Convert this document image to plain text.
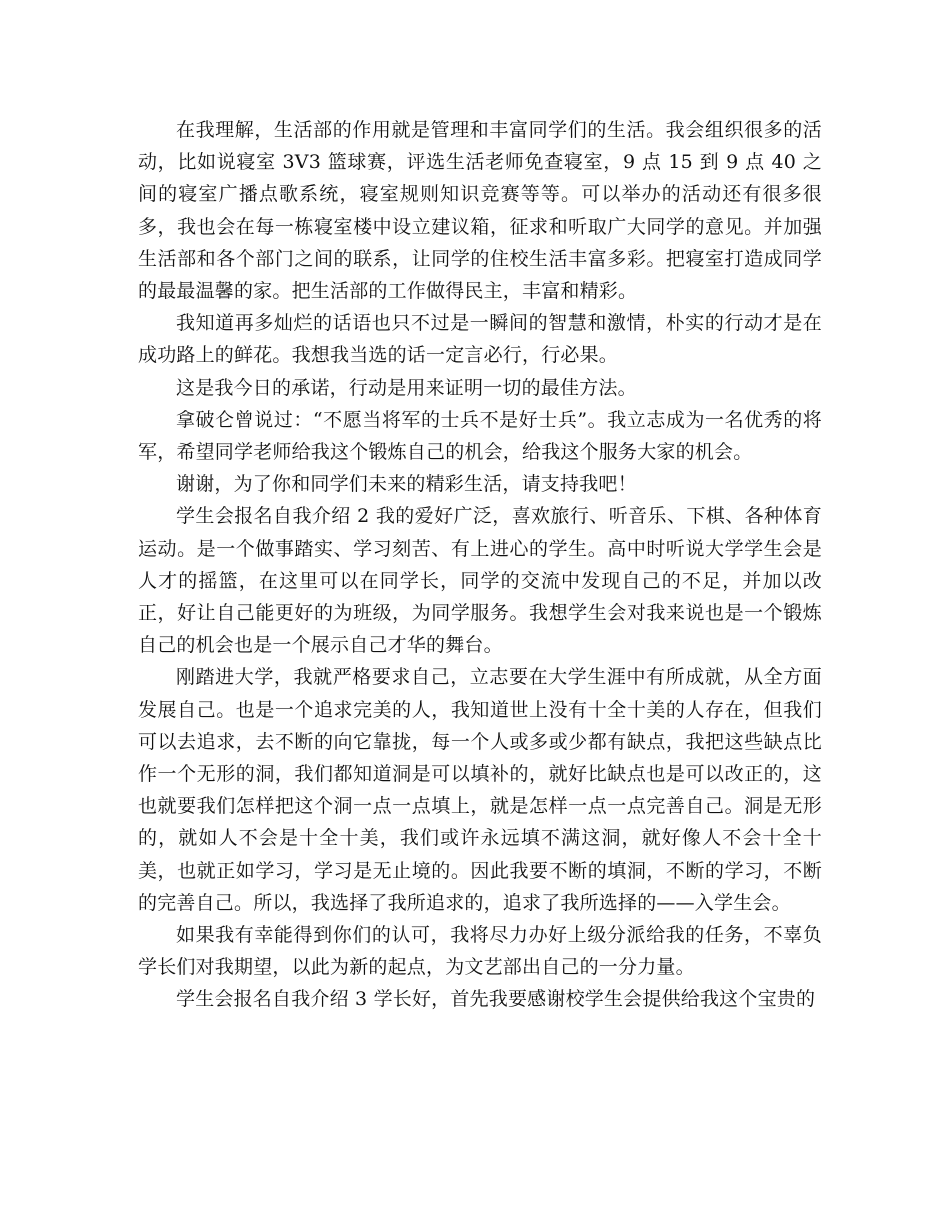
在我理解，生活部的作用就是管理和丰富同学们的生活。我会组织很多的活动，比如说寝室 3V3 篮球赛，评选生活老师免查寝室，9 点 15 到 9 点 40 之间的寝室广播点歌系统，寝室规则知识竞赛等等。可以举办的活动还有很多很多，我也会在每一栋寝室楼中设立建议箱，征求和听取广大同学的意见。并加强生活部和各个部门之间的联系，让同学的住校生活丰富多彩。把寝室打造成同学的最最温馨的家。把生活部的工作做得民主，丰富和精彩。

我知道再多灿烂的话语也只不过是一瞬间的智慧和激情，朴实的行动才是在成功路上的鲜花。我想我当选的话一定言必行，行必果。

这是我今日的承诺，行动是用来证明一切的最佳方法。

拿破仑曾说过：“不愿当将军的士兵不是好士兵”。我立志成为一名优秀的将军，希望同学老师给我这个锻炼自己的机会，给我这个服务大家的机会。

谢谢，为了你和同学们未来的精彩生活，请支持我吧！

学生会报名自我介绍 2 我的爱好广泛，喜欢旅行、听音乐、下棋、各种体育运动。是一个做事踏实、学习刻苦、有上进心的学生。高中时听说大学学生会是人才的摇篮，在这里可以在同学长，同学的交流中发现自己的不足，并加以改正，好让自己能更好的为班级，为同学服务。我想学生会对我来说也是一个锻炼自己的机会也是一个展示自己才华的舞台。

刚踏进大学，我就严格要求自己，立志要在大学生涯中有所成就，从全方面发展自己。也是一个追求完美的人，我知道世上没有十全十美的人存在，但我们可以去追求，去不断的向它靠拢，每一个人或多或少都有缺点，我把这些缺点比作一个无形的洞，我们都知道洞是可以填补的，就好比缺点也是可以改正的，这也就要我们怎样把这个洞一点一点填上，就是怎样一点一点完善自己。洞是无形的，就如人不会是十全十美，我们或许永远填不满这洞，就好像人不会十全十美，也就正如学习，学习是无止境的。因此我要不断的填洞，不断的学习，不断的完善自己。所以，我选择了我所追求的，追求了我所选择的——入学生会。

如果我有幸能得到你们的认可，我将尽力办好上级分派给我的任务，不辜负学长们对我期望，以此为新的起点，为文艺部出自己的一分力量。

学生会报名自我介绍 3 学长好，首先我要感谢校学生会提供给我这个宝贵的
